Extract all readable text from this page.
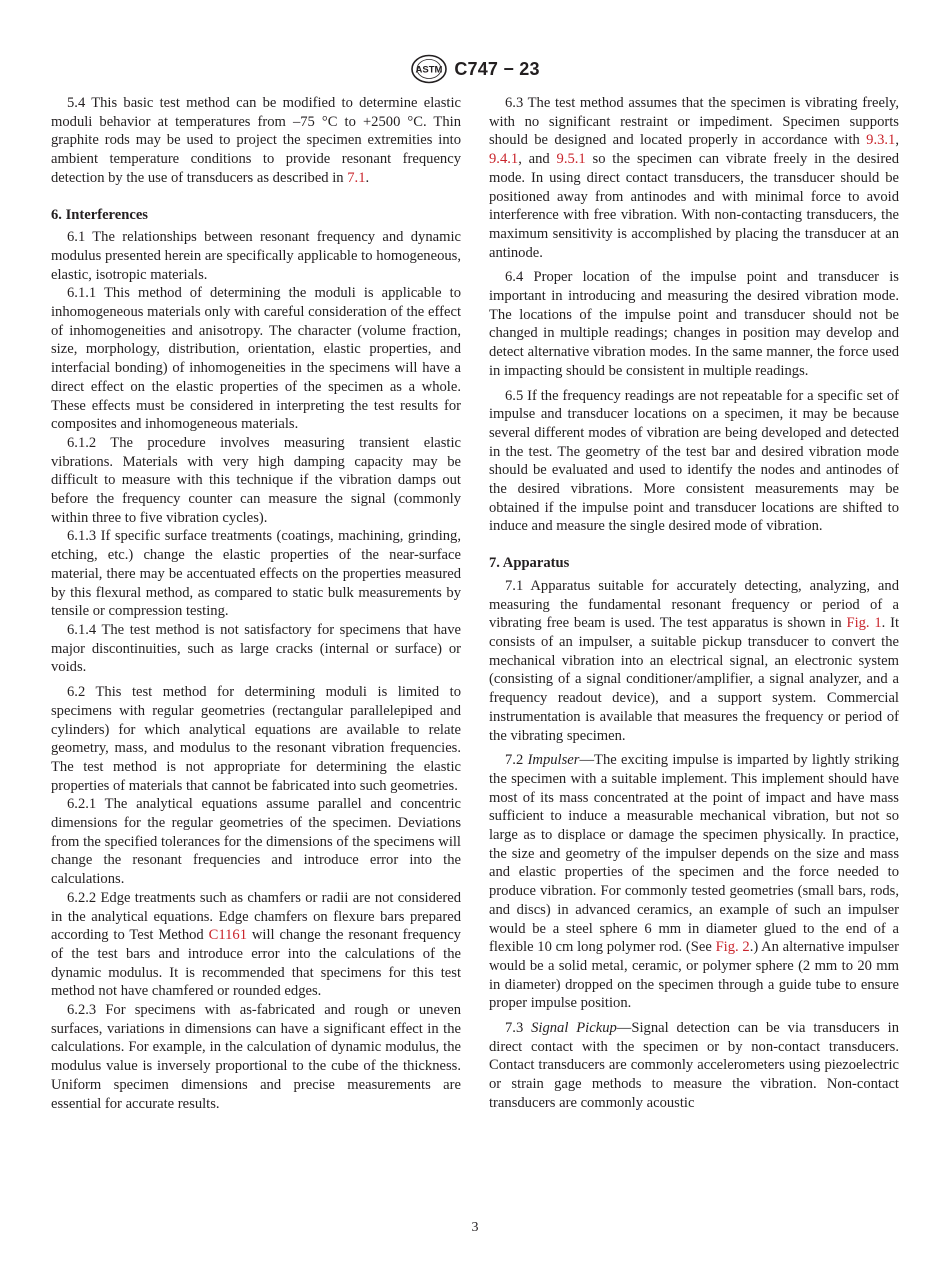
ASTM C747 − 23

5.4 This basic test method can be modified to determine elastic moduli behavior at temperatures from –75 °C to +2500 °C. Thin graphite rods may be used to project the specimen extremities into ambient temperature conditions to provide resonant frequency detection by the use of transducers as described in 7.1.

6. Interferences

6.1 The relationships between resonant frequency and dynamic modulus presented herein are specifically applicable to homogeneous, elastic, isotropic materials.

6.1.1 This method of determining the moduli is applicable to inhomogeneous materials only with careful consideration of the effect of inhomogeneities and anisotropy. The character (volume fraction, size, morphology, distribution, orientation, elastic properties, and interfacial bonding) of inhomogeneities in the specimens will have a direct effect on the elastic properties of the specimen as a whole. These effects must be considered in interpreting the test results for composites and inhomogeneous materials.

6.1.2 The procedure involves measuring transient elastic vibrations. Materials with very high damping capacity may be difficult to measure with this technique if the vibration damps out before the frequency counter can measure the signal (commonly within three to five vibration cycles).

6.1.3 If specific surface treatments (coatings, machining, grinding, etching, etc.) change the elastic properties of the near-surface material, there may be accentuated effects on the properties measured by this flexural method, as compared to static bulk measurements by tensile or compression testing.

6.1.4 The test method is not satisfactory for specimens that have major discontinuities, such as large cracks (internal or surface) or voids.

6.2 This test method for determining moduli is limited to specimens with regular geometries (rectangular parallelepiped and cylinders) for which analytical equations are available to relate geometry, mass, and modulus to the resonant vibration frequencies. The test method is not appropriate for determining the elastic properties of materials that cannot be fabricated into such geometries.

6.2.1 The analytical equations assume parallel and concentric dimensions for the regular geometries of the specimen. Deviations from the specified tolerances for the dimensions of the specimens will change the resonant frequencies and introduce error into the calculations.

6.2.2 Edge treatments such as chamfers or radii are not considered in the analytical equations. Edge chamfers on flexure bars prepared according to Test Method C1161 will change the resonant frequency of the test bars and introduce error into the calculations of the dynamic modulus. It is recommended that specimens for this test method not have chamfered or rounded edges.

6.2.3 For specimens with as-fabricated and rough or uneven surfaces, variations in dimensions can have a significant effect in the calculations. For example, in the calculation of dynamic modulus, the modulus value is inversely proportional to the cube of the thickness. Uniform specimen dimensions and precise measurements are essential for accurate results.

6.3 The test method assumes that the specimen is vibrating freely, with no significant restraint or impediment. Specimen supports should be designed and located properly in accordance with 9.3.1, 9.4.1, and 9.5.1 so the specimen can vibrate freely in the desired mode. In using direct contact transducers, the transducer should be positioned away from antinodes and with minimal force to avoid interference with free vibration. With non-contacting transducers, the maximum sensitivity is accomplished by placing the transducer at an antinode.

6.4 Proper location of the impulse point and transducer is important in introducing and measuring the desired vibration mode. The locations of the impulse point and transducer should not be changed in multiple readings; changes in position may develop and detect alternative vibration modes. In the same manner, the force used in impacting should be consistent in multiple readings.

6.5 If the frequency readings are not repeatable for a specific set of impulse and transducer locations on a specimen, it may be because several different modes of vibration are being developed and detected in the test. The geometry of the test bar and desired vibration mode should be evaluated and used to identify the nodes and antinodes of the desired vibrations. More consistent measurements may be obtained if the impulse point and transducer locations are shifted to induce and measure the single desired mode of vibration.

7. Apparatus

7.1 Apparatus suitable for accurately detecting, analyzing, and measuring the fundamental resonant frequency or period of a vibrating free beam is used. The test apparatus is shown in Fig. 1. It consists of an impulser, a suitable pickup transducer to convert the mechanical vibration into an electrical signal, an electronic system (consisting of a signal conditioner/amplifier, a signal analyzer, and a frequency readout device), and a support system. Commercial instrumentation is available that measures the frequency or period of the vibrating specimen.

7.2 Impulser—The exciting impulse is imparted by lightly striking the specimen with a suitable implement. This implement should have most of its mass concentrated at the point of impact and have mass sufficient to induce a measurable mechanical vibration, but not so large as to displace or damage the specimen physically. In practice, the size and geometry of the impulser depends on the size and mass and elastic properties of the specimen and the force needed to produce vibration. For commonly tested geometries (small bars, rods, and discs) in advanced ceramics, an example of such an impulser would be a steel sphere 6 mm in diameter glued to the end of a flexible 10 cm long polymer rod. (See Fig. 2.) An alternative impulser would be a solid metal, ceramic, or polymer sphere (2 mm to 20 mm in diameter) dropped on the specimen through a guide tube to ensure proper impulse position.

7.3 Signal Pickup—Signal detection can be via transducers in direct contact with the specimen or by non-contact transducers. Contact transducers are commonly accelerometers using piezoelectric or strain gage methods to measure the vibration. Non-contact transducers are commonly acoustic

3
